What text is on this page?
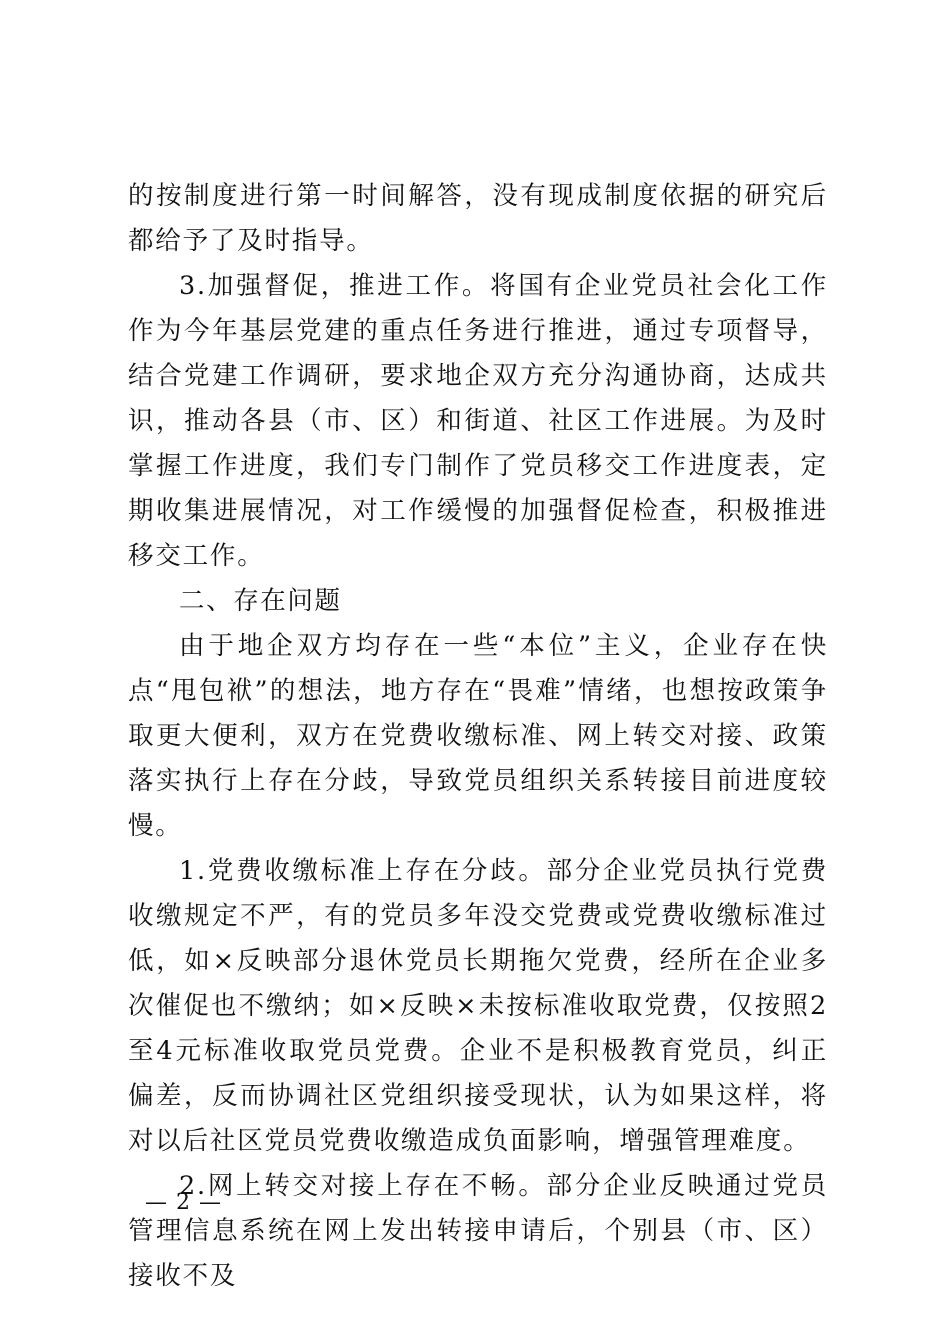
的按制度进行第一时间解答，没有现成制度依据的研究后都给予了及时指导。

3.加强督促，推进工作。将国有企业党员社会化工作作为今年基层党建的重点任务进行推进，通过专项督导，结合党建工作调研，要求地企双方充分沟通协商，达成共识，推动各县（市、区）和街道、社区工作进展。为及时掌握工作进度，我们专门制作了党员移交工作进度表，定期收集进展情况，对工作缓慢的加强督促检查，积极推进移交工作。

二、存在问题

由于地企双方均存在一些“本位”主义，企业存在快点“甩包袱”的想法，地方存在“畏难”情绪，也想按政策争取更大便利，双方在党费收缴标准、网上转交对接、政策落实执行上存在分歧，导致党员组织关系转接目前进度较慢。

1.党费收缴标准上存在分歧。部分企业党员执行党费收缴规定不严，有的党员多年没交党费或党费收缴标准过低，如×反映部分退休党员长期拖欠党费，经所在企业多次催促也不缴纳；如×反映×未按标准收取党费，仅按照2至4元标准收取党员党费。企业不是积极教育党员，纠正偏差，反而协调社区党组织接受现状，认为如果这样，将对以后社区党员党费收缴造成负面影响，增强管理难度。

2.网上转交对接上存在不畅。部分企业反映通过党员管理信息系统在网上发出转接申请后，个别县（市、区）接收不及

— 2 —
